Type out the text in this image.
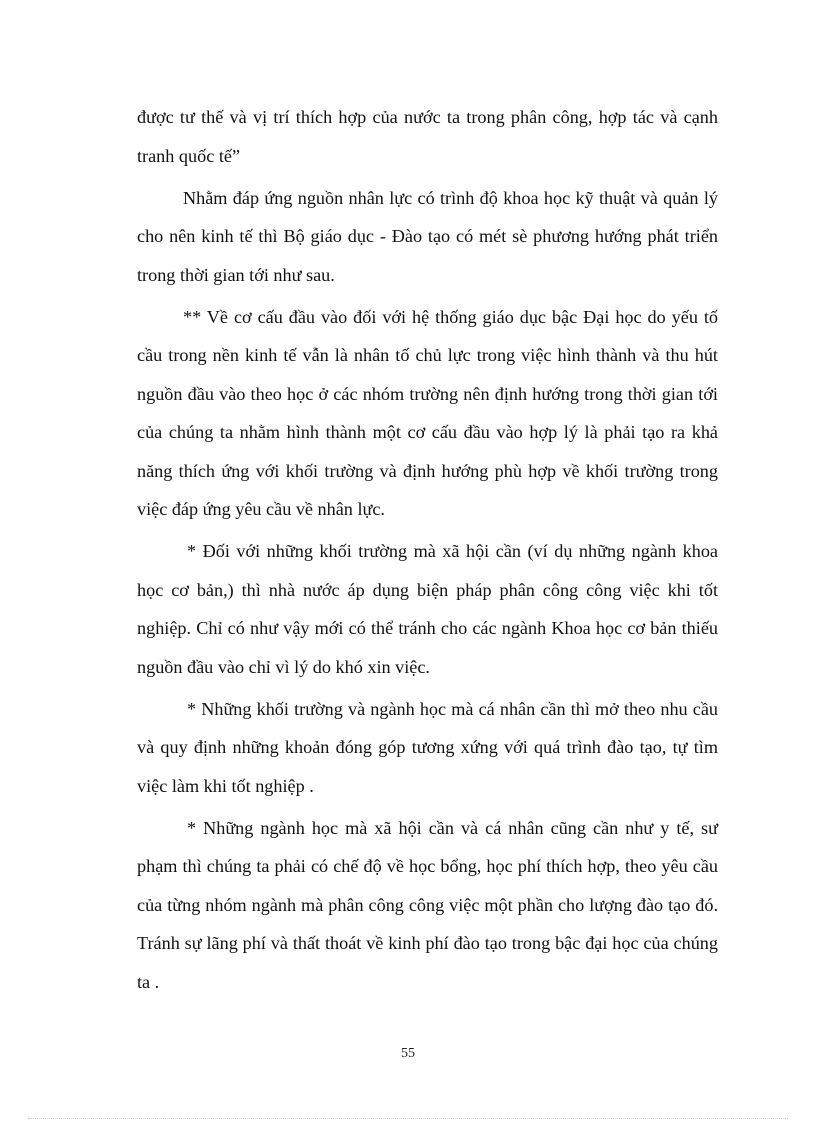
được tư thế và vị trí thích hợp của nước ta trong phân công, hợp tác và cạnh tranh quốc tế”

Nhằm đáp ứng nguồn nhân lực có trình độ khoa học kỹ thuật và quản lý cho nên kinh tế thì Bộ giáo dục - Đào tạo có mét sè phương hướng phát triển trong thời gian tới như sau.

** Về cơ cấu đầu vào đối với hệ thống giáo dục bậc Đại học do yếu tố cầu trong nền kinh tế vẫn là nhân tố chủ lực trong việc hình thành và thu hút nguồn đầu vào theo học ở các nhóm trường nên định hướng trong thời gian tới của chúng ta nhằm hình thành một cơ cấu đầu vào hợp lý là phải tạo ra khả năng thích ứng với khối trường và định hướng phù hợp về khối trường trong việc đáp ứng yêu cầu về nhân lực.

* Đối với những khối trường mà xã hội cần (ví dụ những ngành khoa học cơ bản,) thì nhà nước áp dụng biện pháp phân công công việc khi tốt nghiệp. Chỉ có như vậy mới có thể tránh cho các ngành Khoa học cơ bản thiếu nguồn đầu vào chỉ vì lý do khó xin việc.

* Những khối trường và ngành học mà cá nhân cần thì mở theo nhu cầu và quy định những khoản đóng góp tương xứng với quá trình đào tạo, tự tìm việc làm khi tốt nghiệp .

* Những ngành học mà xã hội cần và cá nhân cũng cần như y tế, sư phạm thì chúng ta phải có chế độ về học bổng, học phí thích hợp, theo yêu cầu của từng nhóm ngành mà phân công công việc một phần cho lượng đào tạo đó. Tránh sự lãng phí và thất thoát về kinh phí đào tạo trong bậc đại học của chúng ta .

55
